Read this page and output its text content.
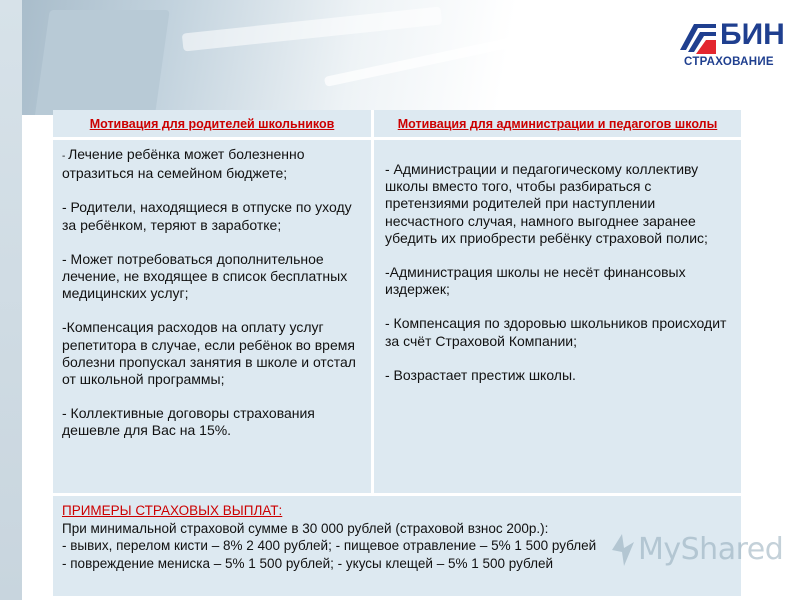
БИН
СТРАХОВАНИЕ
Мотивация для родителей школьников	Мотивация для администрации и педагогов школы

- Лечение ребёнка может болезненно отразиться на семейном бюджете;

- Родители, находящиеся в отпуске по уходу за ребёнком, теряют в заработке;

- Может потребоваться дополнительное лечение, не входящее в список бесплатных медицинских услуг;

-Компенсация расходов на оплату услуг репетитора в случае, если ребёнок во время болезни пропускал занятия в школе и отстал от школьной программы;

- Коллективные договоры страхования дешевле для Вас на 15%.

- Администрации и педагогическому коллективу школы вместо того, чтобы разбираться с претензиями родителей при наступлении несчастного случая, намного выгоднее заранее убедить их приобрести ребёнку страховой полис;

-Администрация школы не несёт финансовых издержек;

- Компенсация по здоровью школьников происходит за счёт Страховой Компании;

- Возрастает престиж школы.

ПРИМЕРЫ СТРАХОВЫХ ВЫПЛАТ:
При минимальной страховой сумме в 30 000 рублей (страховой взнос 200р.):
- вывих, перелом кисти – 8% 2 400 рублей; - пищевое отравление – 5% 1 500 рублей
- повреждение мениска – 5% 1 500 рублей; - укусы клещей – 5% 1 500 рублей	MyShared
